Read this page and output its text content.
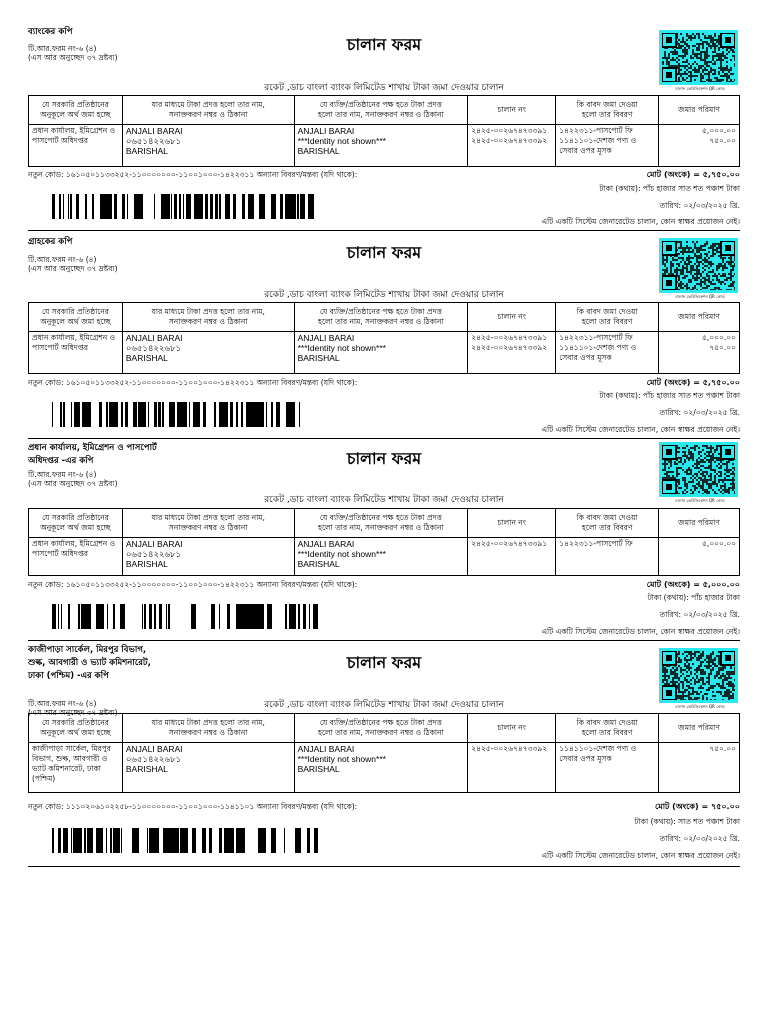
ব্যাংকের কপি
টি.আর.ফরম নং-৬ (৪)
(এস আর অনুচ্ছেদ ৩৭ দ্রষ্টব্য)
চালান ফরম
চালান ভেরিফিকেশন QR কোড
রকেট ,ডাচ বাংলা ব্যাংক লিমিটেড শাখায় টাকা জমা দেওয়ার চালান
যে সরকারি প্রতিষ্ঠানের
অনুকূলে অর্থ জমা হচ্ছে	যার মাধ্যমে টাকা প্রদত্ত হলো তার নাম,
সনাক্তকরণ নম্বর ও ঠিকানা	যে ব্যক্তি/প্রতিষ্ঠানের পক্ষ হতে টাকা প্রদত্ত
হলো তার নাম, সনাক্তকরণ নম্বর ও ঠিকানা	চালান নং	কি বাবদ জমা দেওয়া
হলো তার বিবরণ	জমার পরিমাণ

প্রধান কার্যালয়, ইমিগ্রেশন ও
পাসপোর্ট অধিদপ্তর	ANJALI BARAI
০৬৫১৪২২৬৮১
BARISHAL	ANJALI BARAI
***Identity not shown***
BARISHAL	২৪২৫-০০২৬৭৪৭৩৩৯১
২৪২৫-০০২৬৭৪৭৩৩৯২	১৪২২৩১১-পাসপোর্ট ফি
১১৪১১০১-দেশজ পণ্য ও
সেবার ওপর মূসক	৫,০০০.০০
৭৫০.০০
নতুন কোড: ১৬১০৫০১১৩৩২৫২-১১০০০০০০০-১১০০১০০০-১৪২২৩১১ অন্যান্য বিবরণ/মন্তব্য (যদি থাকে):	মোট (অংকে) = ৫,৭৫০.০০
টাকা (কথায়): পাঁচ হাজার সাত শত পঞ্চাশ টাকা
তারিখ: ০২/০৩/২০২৫ খ্রি.
এটি একটি সিস্টেম জেনারেটেড চালান, কোন স্বাক্ষর প্রয়োজন নেই।
গ্রাহকের কপি
টি.আর.ফরম নং-৬ (৪)
(এস আর অনুচ্ছেদ ৩৭ দ্রষ্টব্য)
চালান ফরম
চালান ভেরিফিকেশন QR কোড
রকেট ,ডাচ বাংলা ব্যাংক লিমিটেড শাখায় টাকা জমা দেওয়ার চালান
যে সরকারি প্রতিষ্ঠানের
অনুকূলে অর্থ জমা হচ্ছে	যার মাধ্যমে টাকা প্রদত্ত হলো তার নাম,
সনাক্তকরণ নম্বর ও ঠিকানা	যে ব্যক্তি/প্রতিষ্ঠানের পক্ষ হতে টাকা প্রদত্ত
হলো তার নাম, সনাক্তকরণ নম্বর ও ঠিকানা	চালান নং	কি বাবদ জমা দেওয়া
হলো তার বিবরণ	জমার পরিমাণ

প্রধান কার্যালয়, ইমিগ্রেশন ও
পাসপোর্ট অধিদপ্তর	ANJALI BARAI
০৬৫১৪২২৬৮১
BARISHAL	ANJALI BARAI
***Identity not shown***
BARISHAL	২৪২৫-০০২৬৭৪৭৩৩৯১
২৪২৫-০০২৬৭৪৭৩৩৯২	১৪২২৩১১-পাসপোর্ট ফি
১১৪১১০১-দেশজ পণ্য ও
সেবার ওপর মূসক	৫,০০০.০০
৭৫০.০০
নতুন কোড: ১৬১০৫০১১৩৩২৫২-১১০০০০০০০-১১০০১০০০-১৪২২৩১১ অন্যান্য বিবরণ/মন্তব্য (যদি থাকে):	মোট (অংকে) = ৫,৭৫০.০০
টাকা (কথায়): পাঁচ হাজার সাত শত পঞ্চাশ টাকা
তারিখ: ০২/০৩/২০২৫ খ্রি.
এটি একটি সিস্টেম জেনারেটেড চালান, কোন স্বাক্ষর প্রয়োজন নেই।
প্রধান কার্যালয়, ইমিগ্রেশন ও পাসপোর্ট
অধিদপ্তর -এর কপি
টি.আর.ফরম নং-৬ (৪)
(এস আর অনুচ্ছেদ ৩৭ দ্রষ্টব্য)
চালান ফরম
চালান ভেরিফিকেশন QR কোড
রকেট ,ডাচ বাংলা ব্যাংক লিমিটেড শাখায় টাকা জমা দেওয়ার চালান
যে সরকারি প্রতিষ্ঠানের
অনুকূলে অর্থ জমা হচ্ছে	যার মাধ্যমে টাকা প্রদত্ত হলো তার নাম,
সনাক্তকরণ নম্বর ও ঠিকানা	যে ব্যক্তি/প্রতিষ্ঠানের পক্ষ হতে টাকা প্রদত্ত
হলো তার নাম, সনাক্তকরণ নম্বর ও ঠিকানা	চালান নং	কি বাবদ জমা দেওয়া
হলো তার বিবরণ	জমার পরিমাণ

প্রধান কার্যালয়, ইমিগ্রেশন ও
পাসপোর্ট অধিদপ্তর	ANJALI BARAI
০৬৫১৪২২৬৮১
BARISHAL	ANJALI BARAI
***Identity not shown***
BARISHAL	২৪২৫-০০২৬৭৪৭৩৩৯১	১৪২২৩১১-পাসপোর্ট ফি	৫,০০০.০০
নতুন কোড: ১৬১০৫০১১৩৩২৫২-১১০০০০০০০-১১০০১০০০-১৪২২৩১১ অন্যান্য বিবরণ/মন্তব্য (যদি থাকে):	মোট (অংকে) = ৫,০০০.০০
টাকা (কথায়): পাঁচ হাজার টাকা
তারিখ: ০২/০৩/২০২৫ খ্রি.
এটি একটি সিস্টেম জেনারেটেড চালান, কোন স্বাক্ষর প্রয়োজন নেই।
কাজীপাড়া সার্কেল, মিরপুর বিভাগ,
শুল্ক, আবগারী ও ভ্যাট কমিশনারেট,
ঢাকা (পশ্চিম) -এর কপি
টি.আর.ফরম নং-৬ (৪)
(এস আর অনুচ্ছেদ ৩৭ দ্রষ্টব্য)
চালান ফরম
চালান ভেরিফিকেশন QR কোড
রকেট ,ডাচ বাংলা ব্যাংক লিমিটেড শাখায় টাকা জমা দেওয়ার চালান
যে সরকারি প্রতিষ্ঠানের
অনুকূলে অর্থ জমা হচ্ছে	যার মাধ্যমে টাকা প্রদত্ত হলো তার নাম,
সনাক্তকরণ নম্বর ও ঠিকানা	যে ব্যক্তি/প্রতিষ্ঠানের পক্ষ হতে টাকা প্রদত্ত
হলো তার নাম, সনাক্তকরণ নম্বর ও ঠিকানা	চালান নং	কি বাবদ জমা দেওয়া
হলো তার বিবরণ	জমার পরিমাণ

কাজীপাড়া সার্কেল, মিরপুর
বিভাগ, শুল্ক, আবগারী ও
ভ্যাট কমিশনারেট, ঢাকা
(পশ্চিম)	ANJALI BARAI
০৬৫১৪২২৬৮১
BARISHAL	ANJALI BARAI
***Identity not shown***
BARISHAL	২৪২৫-০০২৬৭৪৭৩৩৯২	১১৪১১০১-দেশজ পণ্য ও
সেবার ওপর মূসক	৭৫০.০০
নতুন কোড: ১১১০২০৬১০২২৫৮-১১০০০০০০০-১১০০১০০০-১১৪১১০১ অন্যান্য বিবরণ/মন্তব্য (যদি থাকে):	মোট (অংকে) = ৭৫০.০০
টাকা (কথায়): সাত শত পঞ্চাশ টাকা
তারিখ: ০২/০৩/২০২৫ খ্রি.
এটি একটি সিস্টেম জেনারেটেড চালান, কোন স্বাক্ষর প্রয়োজন নেই।
